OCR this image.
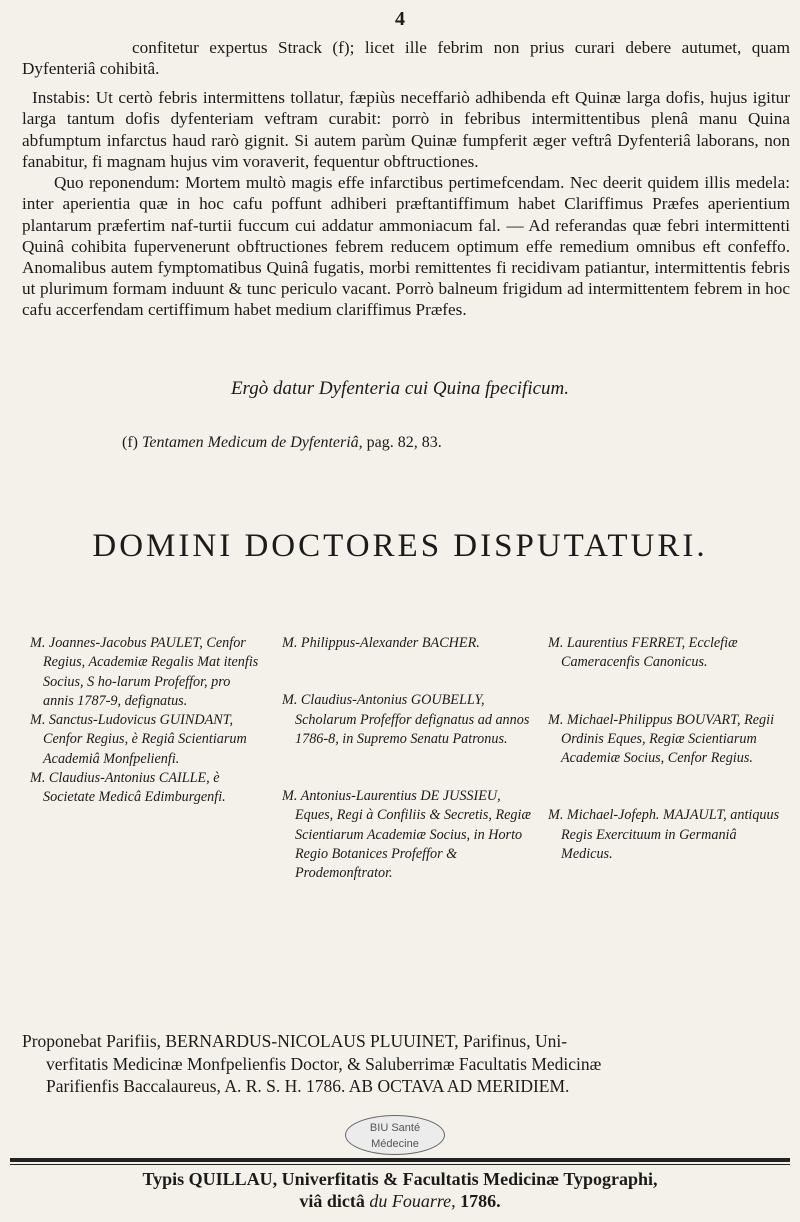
4

confitetur expertus Strack (f); licet ille febrim non prius curari debere autumet, quam Dyfenteriâ cohibitâ.

Instabis: Ut certò febris intermittens tollatur, fæpiùs neceffariò adhibenda eft Quinæ larga dofis, hujus igitur larga tantum dofis dyfenteriam veftram curabit: porrò in febribus intermittentibus plenâ manu Quina abfumptum infarctus haud rarò gignit. Si autem parùm Quinæ fumpferit æger veftrâ Dyfenteriâ laborans, non fanabitur, fi magnam hujus vim voraverit, fequentur obftructiones.

Quo reponendum: Mortem multò magis effe infarctibus pertimefcendam. Nec deerit quidem illis medela: inter aperientia quæ in hoc cafu poffunt adhiberi præftantiffimum habet Clariffimus Præfes aperientium plantarum præfertim naf-turtii fuccum cui addatur ammoniacum fal. — Ad referandas quæ febri intermittenti Quinâ cohibita fupervenerunt obftructiones febrem reducem optimum effe remedium omnibus eft confeffo. Anomalibus autem fymptomatibus Quinâ fugatis, morbi remittentes fi recidivam patiantur, intermittentis febris ut plurimum formam induunt & tunc periculo vacant. Porrò balneum frigidum ad intermittentem febrem in hoc cafu accerfendam certiffimum habet medium clariffimus Præfes.

Ergò datur Dyfenteria cui Quina fpecificum.
(f) Tentamen Medicum de Dyfenteriâ, pag. 82, 83.
DOMINI DOCTORES DISPUTATURI.
M. Joannes-Jacobus PAULET, Cenfor Regius, Academiæ Regalis Mat itenfis Socius, S ho-larum Profeffor, pro annis 1787-9, defignatus.
M. Sanctus-Ludovicus GUINDANT, Cenfor Regius, è Regiâ Scientiarum Academiâ Monfpelienfi.
M. Claudius-Antonius CAILLE, è Societate Medicâ Edimburgenfi.
M. Philippus-Alexander BACHER.
M. Claudius-Antonius GOUBELLY, Scholarum Profeffor defignatus ad annos 1786-8, in Supremo Senatu Patronus.
M. Antonius-Laurentius DE JUSSIEU, Eques, Regi à Confiliis & Secretis, Regiæ Scientiarum Academiæ Socius, in Horto Regio Botanices Profeffor & Prodemonftrator.
M. Laurentius FERRET, Ecclefiæ Cameracenfis Canonicus.
M. Michael-Philippus BOUVART, Regii Ordinis Eques, Regiæ Scientiarum Academiæ Socius, Cenfor Regius.
M. Michael-Jofeph. MAJAULT, antiquus Regis Exercituum in Germaniâ Medicus.
Proponebat Parifiis, BERNARDUS-NICOLAUS PLUUINET, Parifinus, Uni-
verfitatis Medicinæ Monfpelienfis Doctor, & Saluberrimæ Facultatis Medicinæ
Parifienfis Baccalaureus, A. R. S. H. 1786. AB OCTAVA AD MERIDIEM.
BIU Santé
Médecine
Typis QUILLAU, Univerfitatis & Facultatis Medicinæ Typographi,
viâ dictâ du Fouarre, 1786.
